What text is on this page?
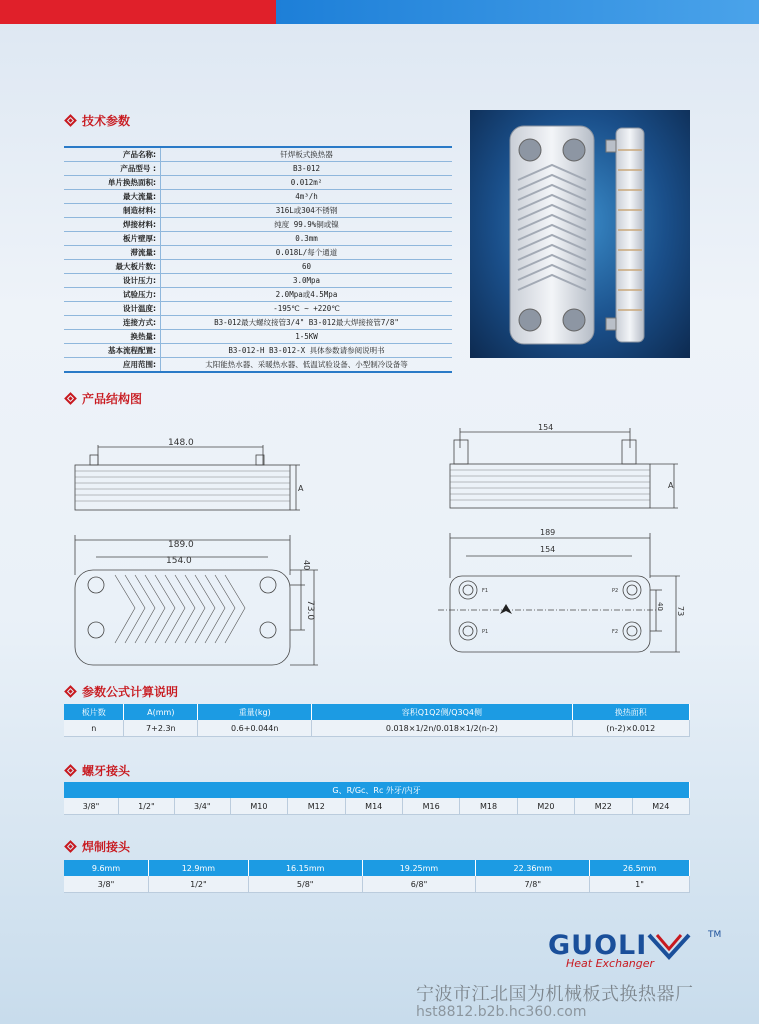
技术参数
产品名称:	钎焊板式换热器
产品型号 :	B3-012
单片换热面积:	0.012m²
最大流量:	4m³/h
制造材料:	316L或304不锈钢
焊接材料:	纯度 99.9%铜或镍
板片壁厚:	0.3mm
滞流量:	0.018L/每个通道
最大板片数:	60
设计压力:	3.0Mpa
试验压力:	2.0Mpa或4.5Mpa
设计温度:	-195℃ ~ +220℃
连接方式:	B3-012最大螺纹接管3/4" B3-012最大焊接接管7/8"
换热量:	1-5KW
基本流程配置:	B3-012-H B3-012-X 具体参数请参阅说明书
应用范围:	太阳能热水器、采暖热水器、低温试验设备、小型制冷设备等
产品结构图
148.0
A
189.0
154.0	40
73.0
154
A
189
154
40 73
F1
P1
P2
F2
参数公式计算说明
板片数	A(mm)	重量(kg)	容积Q1Q2侧/Q3Q4侧	换热面积
n	7+2.3n	0.6+0.044n	0.018×1/2n/0.018×1/2(n-2)	(n-2)×0.012
螺牙接头
G、R/Gc、Rc 外牙/内牙
3/8"	1/2"	3/4"	M10	M12	M14	M16	M18	M20	M22	M24
焊制接头
9.6mm	12.9mm	16.15mm	19.25mm	22.36mm	26.5mm
3/8"	1/2"	5/8"	6/8"	7/8"	1"
GUOLI
Heat Exchanger
TM
宁波市江北国为机械板式换热器厂
hst8812.b2b.hc360.com
